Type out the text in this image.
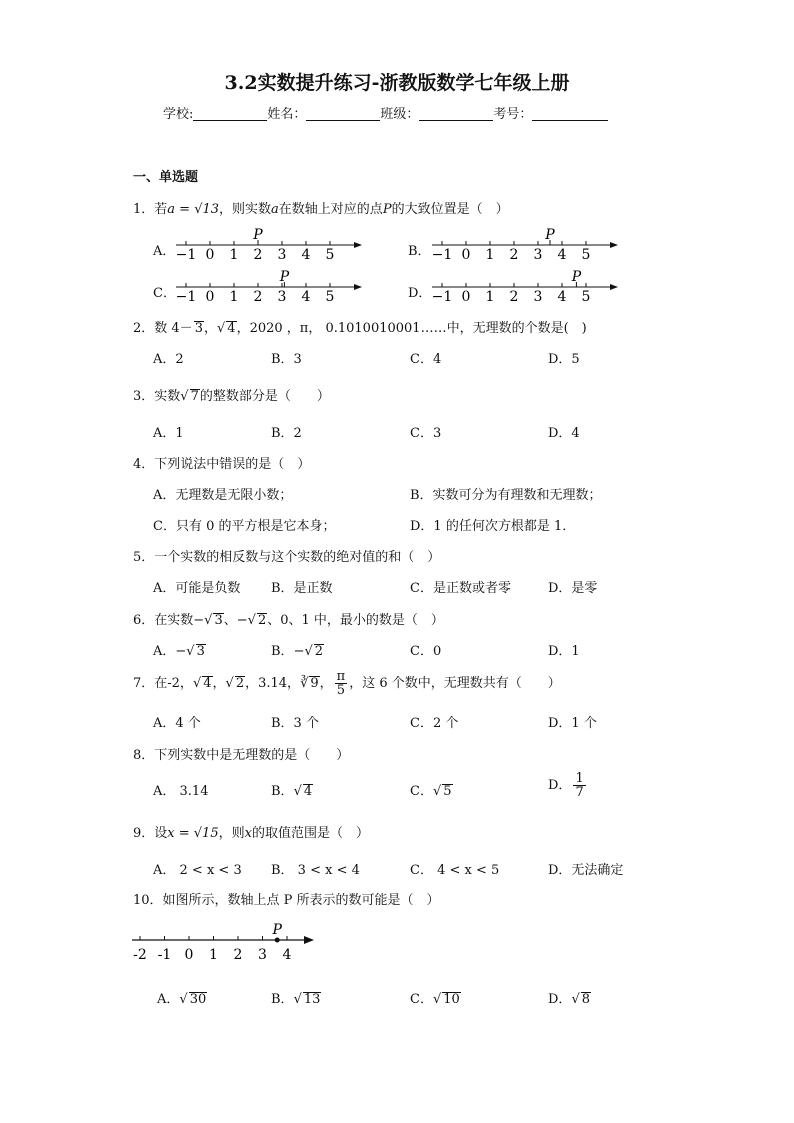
3.2实数提升练习-浙教版数学七年级上册
学校:	姓名：	班级：	考号：
一、单选题
1．若a = √13，则实数a在数轴上对应的点P的大致位置是（　）
A．	B．
C．	D．
−1 0 1 2 3 4 5
P
−1 0 1 2 3 4 5
P
−1 0 1 2 3 4 5
P
−1 0 1 2 3 4 5
P
2．数 4－ 3，√ 4，2020 ，π， 0.1010010001……中，无理数的个数是(　)
A．2	B．3	C．4	D．5
3．实数√ 7的整数部分是（　　）
A．1	B．2	C．3	D．4
4．下列说法中错误的是（　）
A．无理数是无限小数；	B．实数可分为有理数和无理数；
C．只有 0 的平方根是它本身；	D．1 的任何次方根都是 1．
5．一个实数的相反数与这个实数的绝对值的和（　）
A．可能是负数 B．是正数	C．是正数或者零	D．是零
6．在实数−√ 3、−√ 2、0、1 中，最小的数是（　）
A．−√ 3	B．−√ 2	C．0	D．1
7．在-2，√ 4，√ 2，3.14，∛ 9， $\frac{\pi}{5}$ ，这 6 个数中，无理数共有（　　）
A．4 个	B．3 个	C．2 个	D．1 个
8．下列实数中是无理数的是（　　）
A． 3.14	B．√ 4	C．√ 5	D． $\frac{1}{7}$
9．设x = √15，则x的取值范围是（　）
A． 2 < x < 3 B． 3 < x < 4	C． 4 < x < 5	D．无法确定
10．如图所示，数轴上点 P 所表示的数可能是（　）
-2 -1 0 1 2 3 4
P
A．√ 30	B．√ 13	C．√ 10	D．√ 8
